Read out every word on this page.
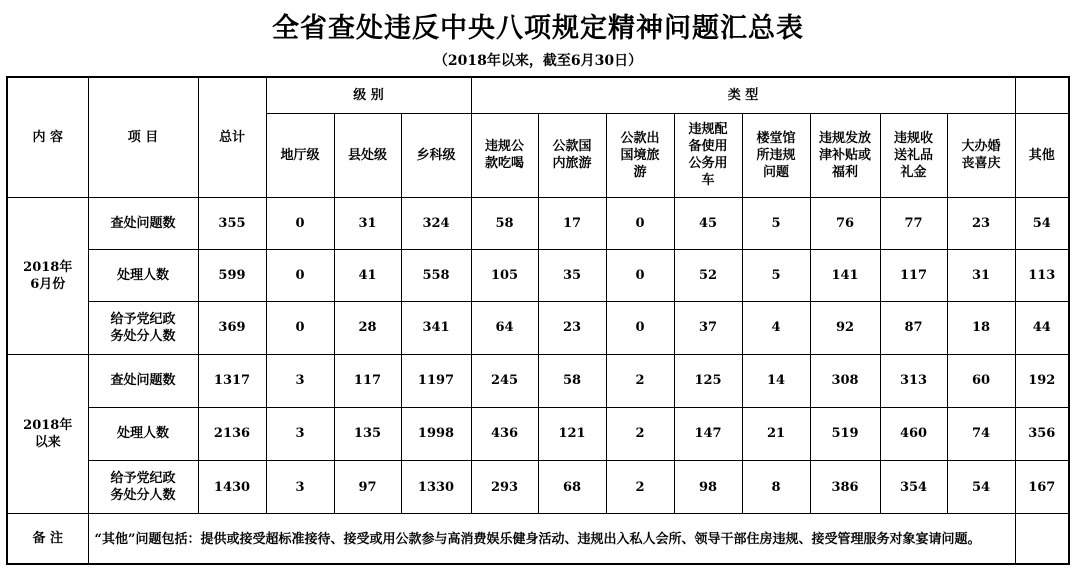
全省查处违反中央八项规定精神问题汇总表
（2018年以来，截至6月30日）
内 容	项 目	总计	级 别			类 型								
			地厅级	县处级	乡科级	违规公款吃喝	公款国内旅游	公款出国境旅游	违规配备使用公务用车	楼堂馆所违规问题	违规发放津补贴或福利	违规收送礼品礼金	大办婚丧喜庆	其他
2018年6月份	查处问题数	355	0	31	324	58	17	0	45	5	76	77	23	54
	处理人数	599	0	41	558	105	35	0	52	5	141	117	31	113
	给予党纪政务处分人数	369	0	28	341	64	23	0	37	4	92	87	18	44
2018年以来	查处问题数	1317	3	117	1197	245	58	2	125	14	308	313	60	192
	处理人数	2136	3	135	1998	436	121	2	147	21	519	460	74	356
	给予党纪政务处分人数	1430	3	97	1330	293	68	2	98	8	386	354	54	167
备 注	“其他”问题包括：提供或接受超标准接待、接受或用公款参与高消费娱乐健身活动、违规出入私人会所、领导干部住房违规、接受管理服务对象宴请问题。													
